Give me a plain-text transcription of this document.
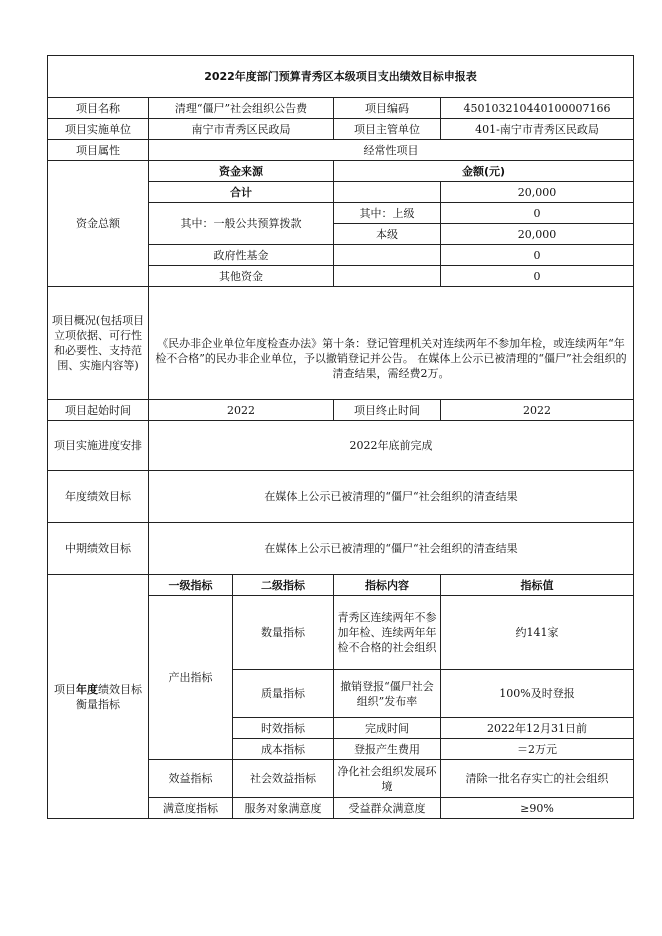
2022年度部门预算青秀区本级项目支出绩效目标申报表				
项目名称	清理“僵尸”社会组织公告费		项目编码	450103210440100007166
项目实施单位	南宁市青秀区民政局		项目主管单位	401-南宁市青秀区民政局
项目属性	经常性项目			
资金总额	资金来源		金额(元)	
	合计			20,000
	其中：一般公共预算拨款		其中：上级	0
			本级	20,000
	政府性基金			0
	其他资金			0
项目概况(包括项目立项依据、可行性和必要性、支持范围、实施内容等)	《民办非企业单位年度检查办法》第十条：登记管理机关对连续两年不参加年检，或连续两年“年检不合格”的民办非企业单位，予以撤销登记并公告。 在媒体上公示已被清理的“僵尸”社会组织的清查结果，需经费2万。			

项目起始时间	2022		项目终止时间	2022
项目实施进度安排	2022年底前完成			
年度绩效目标	在媒体上公示已被清理的“僵尸“社会组织的清查结果			
中期绩效目标	在媒体上公示已被清理的“僵尸“社会组织的清查结果			
项目年度绩效目标衡量指标	一级指标	二级指标	指标内容	指标值
	产出指标	数量指标	青秀区连续两年不参加年检、连续两年年检不合格的社会组织	约141家
		质量指标	撤销登报“僵尸社会组织”发布率	100%及时登报
		时效指标	完成时间	2022年12月31日前
		成本指标	登报产生费用	＝2万元
	效益指标	社会效益指标	净化社会组织发展环境	清除一批名存实亡的社会组织
	满意度指标	服务对象满意度	受益群众满意度	≥90%
